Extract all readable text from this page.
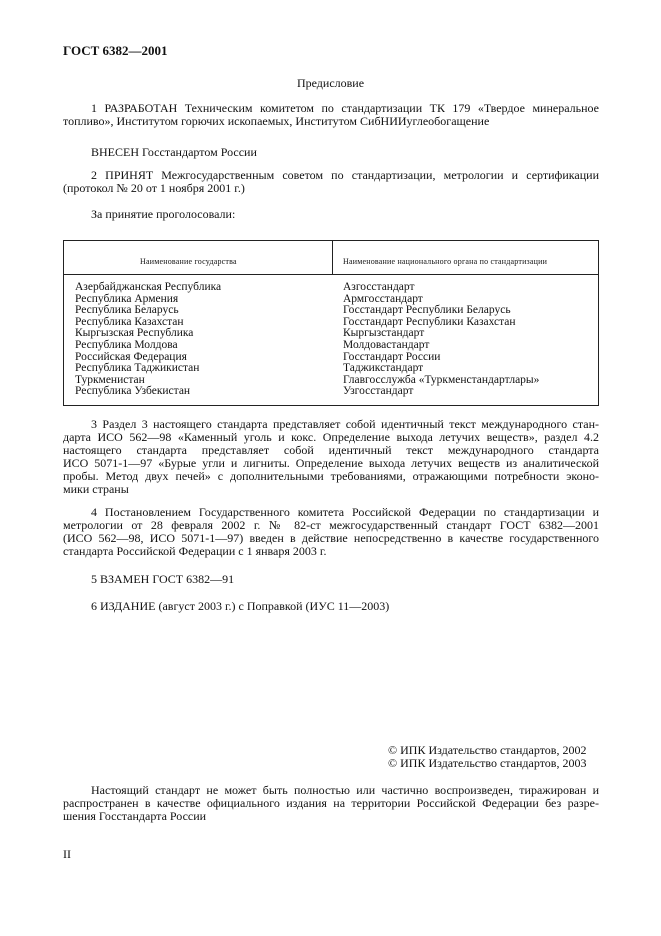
ГОСТ 6382—2001
Предисловие
1 РАЗРАБОТАН Техническим комитетом по стандартизации ТК 179 «Твердое минеральное
топливо», Институтом горючих ископаемых, Институтом СибНИИуглеобогащение
ВНЕСЕН Госстандартом России
2 ПРИНЯТ Межгосударственным советом по стандартизации, метрологии и сертификации
(протокол № 20 от 1 ноября 2001 г.)
За принятие проголосовали:
Наименование государства	Наименование национального органа по стандартизации
Азербайджанская Республика
Республика Армения
Республика Беларусь
Республика Казахстан
Кыргызская Республика
Республика Молдова
Российская Федерация
Республика Таджикистан
Туркменистан
Республика Узбекистан
Азгосстандарт
Армгосстандарт
Госстандарт Республики Беларусь
Госстандарт Республики Казахстан
Кыргызстандарт
Молдовастандарт
Госстандарт России
Таджикстандарт
Главгосслужба «Туркменстандартлары»
Узгосстандарт
3 Раздел 3 настоящего стандарта представляет собой идентичный текст международного стан-
дарта ИСО 562—98 «Каменный уголь и кокс. Определение выхода летучих веществ», раздел 4.2
настоящего стандарта представляет собой идентичный текст международного стандарта
ИСО 5071-1—97 «Бурые угли и лигниты. Определение выхода летучих веществ из аналитической
пробы. Метод двух печей» с дополнительными требованиями, отражающими потребности эконо-
мики страны
4 Постановлением Государственного комитета Российской Федерации по стандартизации и
метрологии от 28 февраля 2002 г. № 82-ст межгосударственный стандарт ГОСТ 6382—2001
(ИСО 562—98, ИСО 5071-1—97) введен в действие непосредственно в качестве государственного
стандарта Российской Федерации с 1 января 2003 г.
5 ВЗАМЕН ГОСТ 6382—91
6 ИЗДАНИЕ (август 2003 г.) с Поправкой (ИУС 11—2003)
© ИПК Издательство стандартов, 2002
© ИПК Издательство стандартов, 2003
Настоящий стандарт не может быть полностью или частично воспроизведен, тиражирован и
распространен в качестве официального издания на территории Российской Федерации без разре-
шения Госстандарта России
II
